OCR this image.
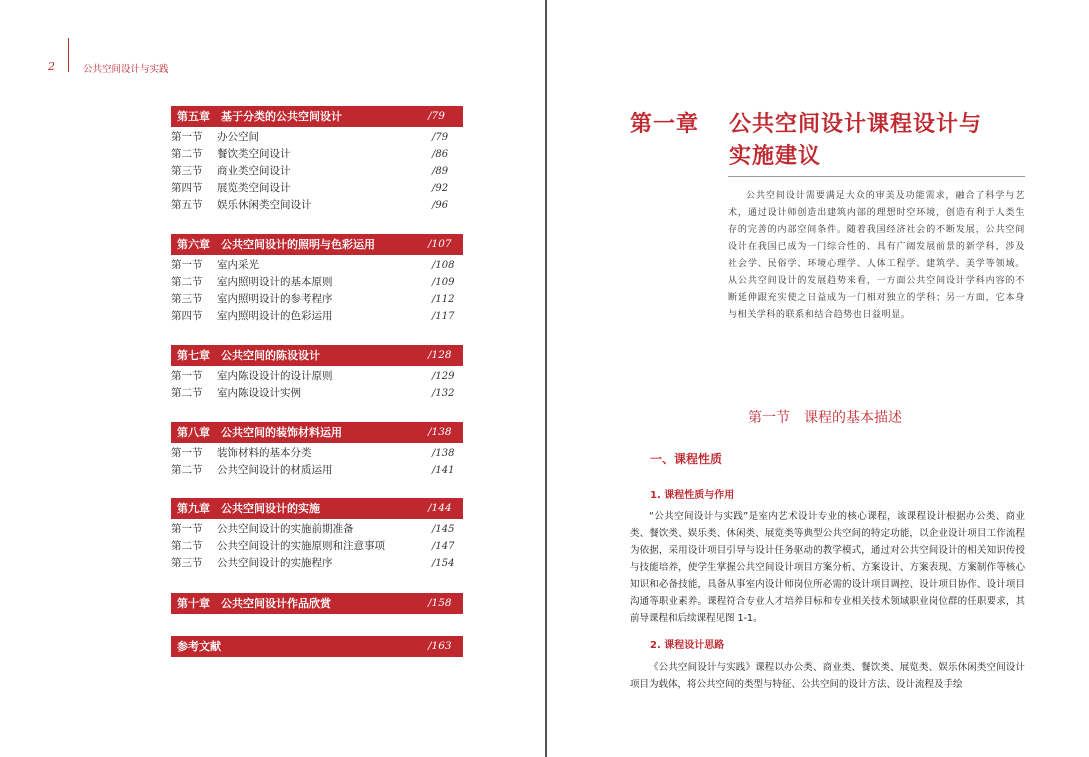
2	公共空间设计与实践
第五章　基于分类的公共空间设计	/79
第一节 办公空间	/79
第二节 餐饮类空间设计	/86
第三节 商业类空间设计	/89
第四节 展览类空间设计	/92
第五节 娱乐休闲类空间设计	/96
第六章　公共空间设计的照明与色彩运用	/107
第一节 室内采光	/108
第二节 室内照明设计的基本原则	/109
第三节 室内照明设计的参考程序	/112
第四节 室内照明设计的色彩运用	/117
第七章　公共空间的陈设设计	/128
第一节 室内陈设设计的设计原则	/129
第二节 室内陈设设计实例	/132
第八章　公共空间的装饰材料运用	/138
第一节 装饰材料的基本分类	/138
第二节 公共空间设计的材质运用	/141
第九章　公共空间设计的实施	/144
第一节 公共空间设计的实施前期准备	/145
第二节 公共空间设计的实施原则和注意事项	/147
第三节 公共空间设计的实施程序	/154
第十章　公共空间设计作品欣赏	/158
参考文献	/163
第一章 公共空间设计课程设计与
实施建议
公共空间设计需要满足大众的审美及功能需求，融合了科学与艺术，通过设计师创造出建筑内部的理想时空环境，创造有利于人类生存的完善的内部空间条件。随着我国经济社会的不断发展，公共空间设计在我国已成为一门综合性的、具有广阔发展前景的新学科，涉及社会学、民俗学、环境心理学、人体工程学、建筑学、美学等领域。从公共空间设计的发展趋势来看，一方面公共空间设计学科内容的不断延伸跟充实使之日益成为一门相对独立的学科；另一方面，它本身与相关学科的联系和结合趋势也日益明显。
第一节　课程的基本描述
一、课程性质
1. 课程性质与作用
“公共空间设计与实践”是室内艺术设计专业的核心课程，该课程设计根据办公类、商业类、餐饮类、娱乐类、休闲类、展览类等典型公共空间的特定功能，以企业设计项目工作流程为依据，采用设计项目引导与设计任务驱动的教学模式，通过对公共空间设计的相关知识传授与技能培养，使学生掌握公共空间设计项目方案分析、方案设计、方案表现、方案制作等核心知识和必备技能，具备从事室内设计师岗位所必需的设计项目调控、设计项目协作、设计项目沟通等职业素养。课程符合专业人才培养目标和专业相关技术领域职业岗位群的任职要求，其前导课程和后续课程见图 1-1。
2. 课程设计思路
《公共空间设计与实践》课程以办公类、商业类、餐饮类、展览类、娱乐休闲类空间设计项目为载体，将公共空间的类型与特征、公共空间的设计方法、设计流程及手绘
